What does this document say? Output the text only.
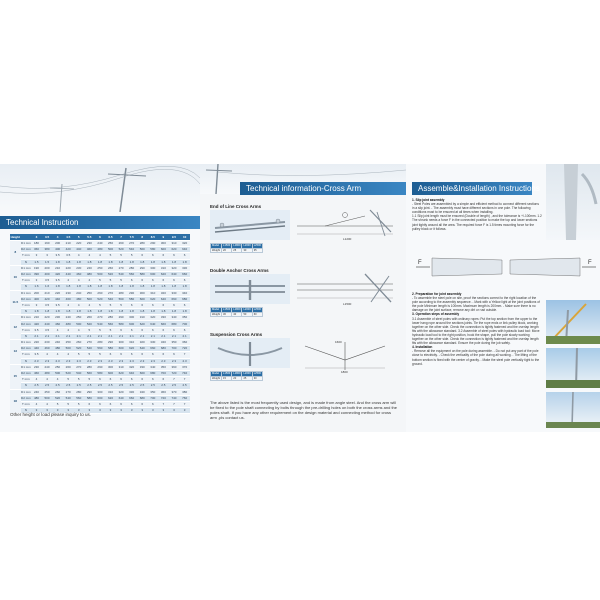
Technical Instruction
Height		3	3.5	4	4.5	5	5.5	6	6.5	7	7.5	8	8.5	9	9.5	10
8	D1 mm	180	190	200	210	220	230	240	250	260	270	280	290	300	310	320
	D2 mm	360	380	400	420	440	460	480	500	520	540	560	580	600	620	640
	T mm	3	3	3.5	3.5	4	4	4	5	5	5	6	6	6	6	6
	N	1.5	1.5	1.8	1.8	1.8	1.8	1.8	1.8	1.8	1.8	1.8	1.8	1.8	1.8	1.8
10	D1 mm	190	200	210	220	230	240	250	260	270	280	290	300	310	320	330
	D2 mm	390	400	420	440	460	480	500	520	540	560	580	600	620	640	660
	T mm	3	3.5	3.5	4	4	4	5	5	5	6	6	6	6	6	6
	N	1.6	1.6	1.8	1.8	1.8	1.8	1.8	1.8	1.8	1.8	1.8	1.8	1.8	1.8	1.8
11.5	D1 mm	200	210	220	230	240	250	260	270	280	290	300	310	320	330	340
	D2 mm	400	420	440	460	480	500	520	540	560	580	600	620	640	660	680
	T mm	3	3.5	3.5	4	4	4	5	5	5	6	6	6	6	6	6
	N	1.8	1.8	1.8	1.8	1.8	1.8	1.8	1.8	1.8	1.8	1.8	1.8	1.8	1.8	1.8
12	D1 mm	210	220	230	240	250	260	270	280	290	300	310	320	330	340	350
	D2 mm	420	440	460	480	500	520	540	560	580	600	620	640	660	680	700
	T mm	3.5	3.5	4	4	4	5	5	5	6	6	6	6	6	6	6
	N	2.1	2.1	2.1	2.1	2.1	2.1	2.1	2.1	2.1	2.1	2.1	2.1	2.1	2.1	2.1
13	D1 mm	220	230	240	250	260	270	280	290	300	310	320	330	340	350	360
	D2 mm	440	460	480	500	520	540	560	580	600	620	640	660	680	700	720
	T mm	3.5	4	4	4	5	5	5	6	6	6	6	6	6	6	7
	N	2.3	2.3	2.3	2.3	2.3	2.3	2.3	2.3	2.3	2.3	2.3	2.3	2.3	2.3	2.3
15	D1 mm	230	240	250	260	270	280	290	300	310	320	330	340	350	360	370
	D2 mm	460	480	500	520	540	560	580	600	620	640	660	680	700	720	740
	T mm	4	4	4	5	5	5	6	6	6	6	6	6	6	7	7
	N	2.5	2.5	2.5	2.5	2.5	2.5	2.5	2.5	2.5	2.5	2.5	2.5	2.5	2.5	2.5
18	D1 mm	240	250	260	270	280	290	300	310	320	330	340	350	360	370	380
	D2 mm	480	500	520	540	560	580	600	620	640	660	680	700	720	740	760
	T mm	4	4	5	5	5	6	6	6	6	6	6	6	7	7	7
	N	3	3	3	3	3	3	3	3	3	3	3	3	3	3	3
Other height or load please inquiry to us.
Technical information-Cross Arm
End of Line Cross Arms
L1200
Model	L1500	L1800	L2000	L2500
Weight	20	25	30	35
Double Anchor Cross Arms
L1500
Model	L1500	L1800	L2000	L2500
Weight	30	40	50	60
Suspension Cross Arms
1600
1800
Model	L1500	L1800	L2000	L2500
Weight	15	20	25	30
The above listed is the most frequently used design, and is made from angle steel. And the cross arm will be fixed to the pole shaft connecting by bolts through the pre-drilling holes on both the cross arms and the poles shaft. If you have any other requirement on the design material and connecting method for cross arm ,pls contact us.
Assemble&Installation Instructions

1. Slip joint assembly

- Steel Poles are assembled by a simple and efficient method to connect different sections in a slip joint. - The assembly must have different sections in one pole. The following conditions must to be ensured at all times when installing.

1.1 Slip joint length must be ensured (Double of length) , and the tolerance is +/-100mm. 1.2 The shrunk needs a force F in the connected position to make the top and lower sections joint tightly around all the area. The required force F is 1.5 times mounting force for the pulley block or it follows.

F	F

2. Preparation for joint assembly

- To assemble the steel pole on site, proof the sections correct to the right location of the pole according to the assembly sequence. - Mark with a Yellow light at the joint positions of the pole Minimum length is 100mm. Maximum length is 200mm. - Make sure there is no damage on the joint surface, remove any dirt or rust outside.

3. Operation steps of assembly

3.1 Assemble of steel poles with ordinary ropes: Put the top section from the upper to the lower hang rope around the sections joints. Tie the rope ends or link pulley block, working together on the other side. Check the connection is tightly fastened and the overlap length fits with the allowance standard. 3.2 Assemble of steel poles with hydraulic load tool: Move hydraulic load tool to the right position, hook the shape, pull the pole slowly working together on the other side. Check the connection is tightly fastened and the overlap length fits with the allowance standard. Ensure the pole during the job safely.

4. Installation

- Remove all the equipment on the pole during assemble. - Do not put any part of the pole close to electricity. - Check the verticality of the pole during all working. - The lifting of the bottom section is fixed with the center of gravity. - Make the steel pole vertically tight to the ground.
